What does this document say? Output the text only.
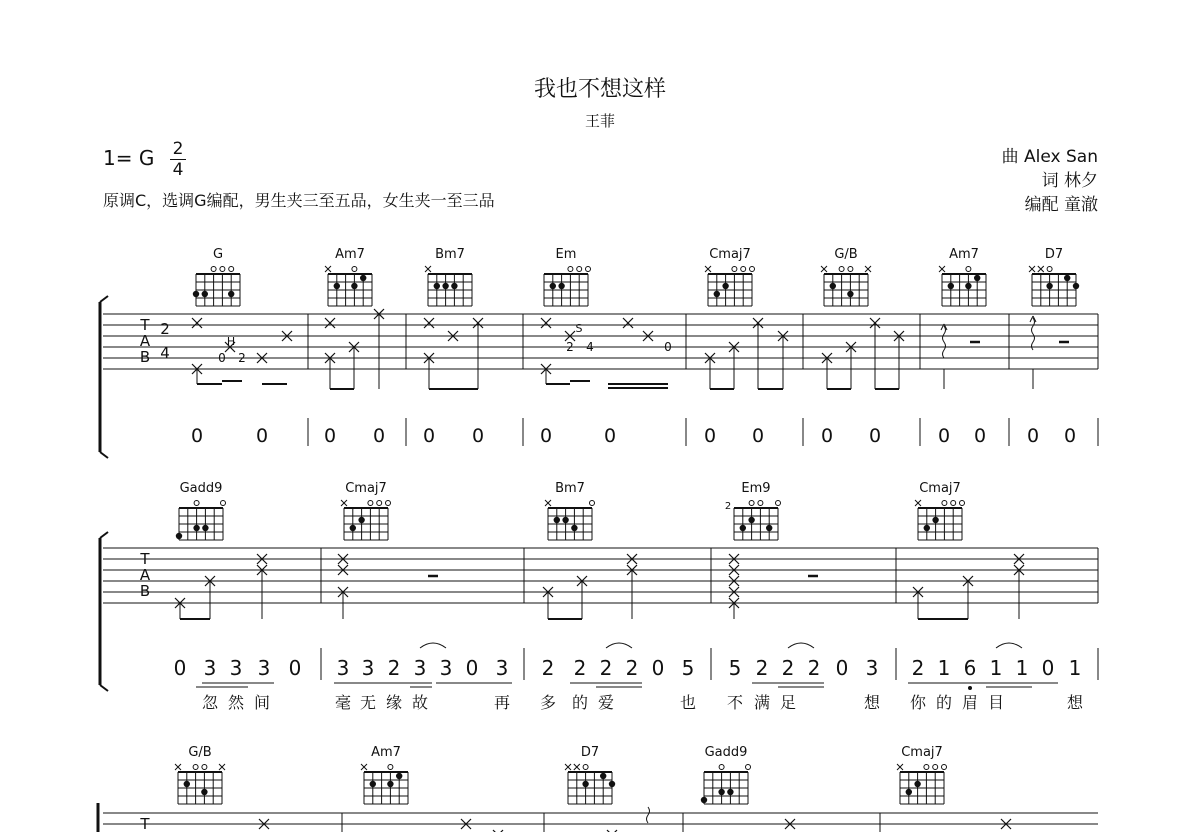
我也不想这样
王菲
1= G 2
4
原调C，选调G编配，男生夹三至五品，女生夹一至三品
曲 Alex San
词 林夕
编配 童澈
G	Am7	Bm7	Em	Cmaj7	G/B	Am7	D7
T
A
B
2
4
H
S
0 2
2 4	0
0	0	0 0 0 0	0	0	0 0	0 0	0 0 0 0
Gadd9	Cmaj7	Bm7	Em9	Cmaj7
2
T
A
B
0 3 3 3 0 3 3 2 3 3 0 3 2 2 2 2 0 5 5 2 2 2 0 3 2 1 6 1 1 0 1
忽 然 间	毫 无 缘 故	再 多 的 爱	也 不 满 足	想 你 的 眉 目	想
G/B	Am7	D7	Gadd9	Cmaj7
T
